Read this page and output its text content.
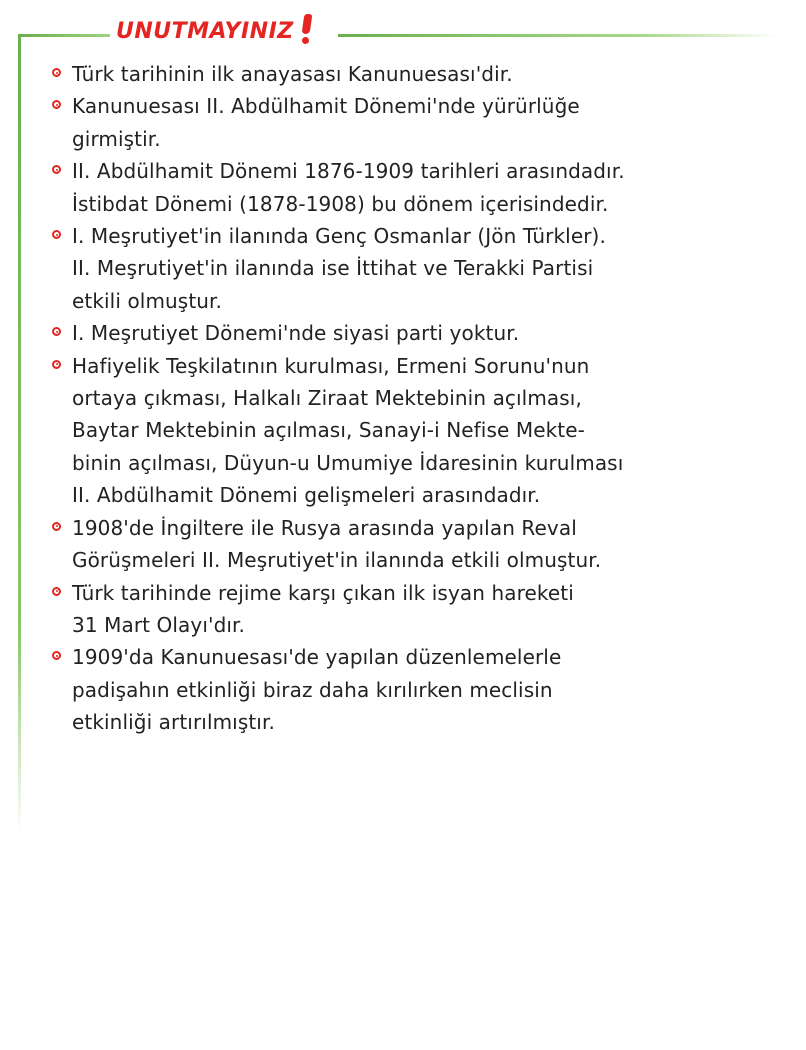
UNUTMAYINIZ
Türk tarihinin ilk anayasası Kanunuesası'dir.
Kanunuesası II. Abdülhamit Dönemi'nde yürürlüğe
girmiştir.
II. Abdülhamit Dönemi 1876-1909 tarihleri arasındadır.
İstibdat Dönemi (1878-1908) bu dönem içerisindedir.
I. Meşrutiyet'in ilanında Genç Osmanlar (Jön Türkler).
II. Meşrutiyet'in ilanında ise İttihat ve Terakki Partisi
etkili olmuştur.
I. Meşrutiyet Dönemi'nde siyasi parti yoktur.
Hafiyelik Teşkilatının kurulması, Ermeni Sorunu'nun
ortaya çıkması, Halkalı Ziraat Mektebinin açılması,
Baytar Mektebinin açılması, Sanayi-i Nefise Mekte-
binin açılması, Düyun-u Umumiye İdaresinin kurulması
II. Abdülhamit Dönemi gelişmeleri arasındadır.
1908'de İngiltere ile Rusya arasında yapılan Reval
Görüşmeleri II. Meşrutiyet'in ilanında etkili olmuştur.
Türk tarihinde rejime karşı çıkan ilk isyan hareketi
31 Mart Olayı'dır.
1909'da Kanunuesası'de yapılan düzenlemelerle
padişahın etkinliği biraz daha kırılırken meclisin
etkinliği artırılmıştır.
